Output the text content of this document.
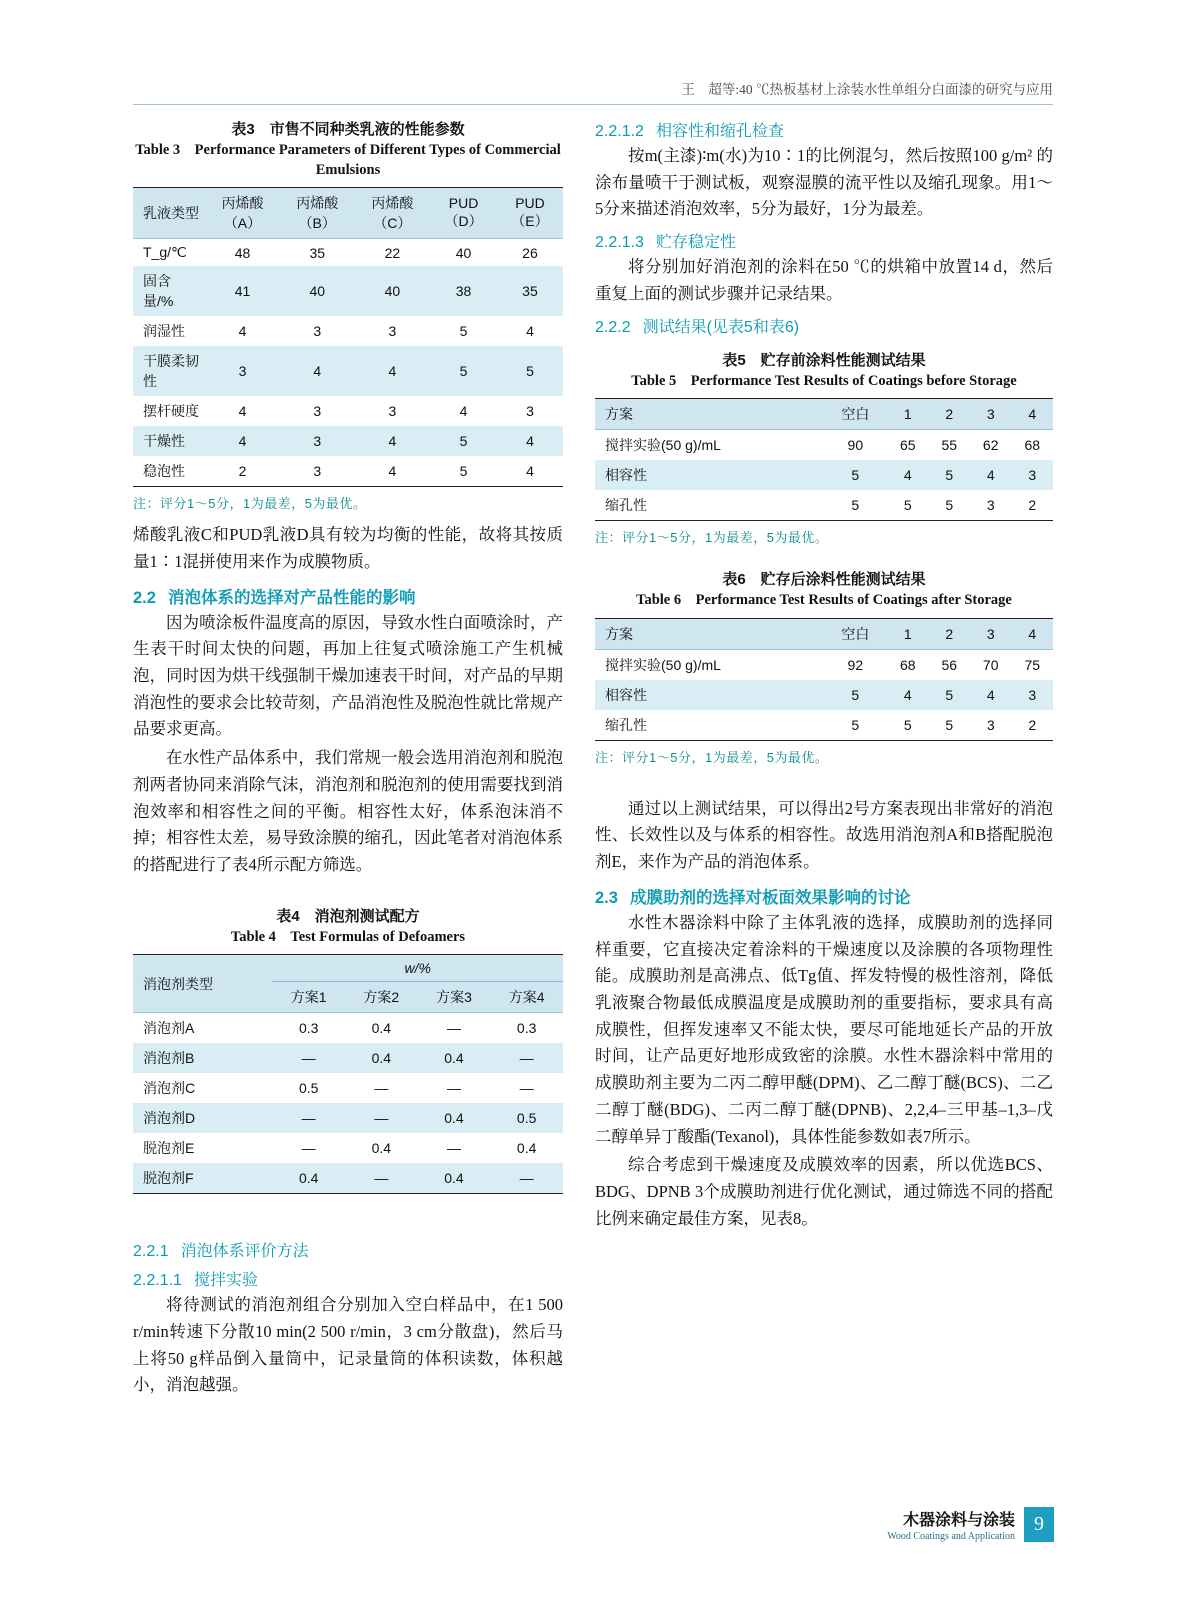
王　超等:40 ℃热板基材上涂装水性单组分白面漆的研究与应用
表3　市售不同种类乳液的性能参数
Table 3　Performance Parameters of Different Types of Commercial Emulsions
乳液类型	丙烯酸（A）	丙烯酸（B）	丙烯酸（C）	PUD（D）	PUD（E）
T_g/℃	48	35	22	40	26
固含量/%	41	40	40	38	35
润湿性	4	3	3	5	4
干膜柔韧性	3	4	4	5	5
摆杆硬度	4	3	3	4	3
干燥性	4	3	4	5	4
稳泡性	2	3	4	5	4
注：评分1～5分，1为最差，5为最优。

烯酸乳液C和PUD乳液D具有较为均衡的性能，故将其按质量1∶1混拼使用来作为成膜物质。

2.2 消泡体系的选择对产品性能的影响

因为喷涂板件温度高的原因，导致水性白面喷涂时，产生表干时间太快的问题，再加上往复式喷涂施工产生机械泡，同时因为烘干线强制干燥加速表干时间，对产品的早期消泡性的要求会比较苛刻，产品消泡性及脱泡性就比常规产品要求更高。

在水性产品体系中，我们常规一般会选用消泡剂和脱泡剂两者协同来消除气沫，消泡剂和脱泡剂的使用需要找到消泡效率和相容性之间的平衡。相容性太好，体系泡沫消不掉；相容性太差，易导致涂膜的缩孔，因此笔者对消泡体系的搭配进行了表4所示配方筛选。

表4　消泡剂测试配方
Table 4　Test Formulas of Defoamers
消泡剂类型	w/%			
	方案1	方案2	方案3	方案4
消泡剂A	0.3	0.4	—	0.3
消泡剂B	—	0.4	0.4	—
消泡剂C	0.5	—	—	—
消泡剂D	—	—	0.4	0.5
脱泡剂E	—	0.4	—	0.4
脱泡剂F	0.4	—	0.4	—
2.2.1 消泡体系评价方法
2.2.1.1 搅拌实验

将待测试的消泡剂组合分别加入空白样品中，在1 500 r/min转速下分散10 min(2 500 r/min，3 cm分散盘)，然后马上将50 g样品倒入量筒中，记录量筒的体积读数，体积越小，消泡越强。

2.2.1.2 相容性和缩孔检查

按m(主漆)∶m(水)为10∶1的比例混匀，然后按照100 g/m² 的涂布量喷干于测试板，观察湿膜的流平性以及缩孔现象。用1～5分来描述消泡效率，5分为最好，1分为最差。

2.2.1.3 贮存稳定性

将分别加好消泡剂的涂料在50 ℃的烘箱中放置14 d，然后重复上面的测试步骤并记录结果。

2.2.2 测试结果(见表5和表6)
表5　贮存前涂料性能测试结果
Table 5　Performance Test Results of Coatings before Storage
方案	空白	1	2	3	4
搅拌实验(50 g)/mL	90	65	55	62	68
相容性	5	4	5	4	3
缩孔性	5	5	5	3	2
注：评分1～5分，1为最差，5为最优。
表6　贮存后涂料性能测试结果
Table 6　Performance Test Results of Coatings after Storage
方案	空白	1	2	3	4
搅拌实验(50 g)/mL	92	68	56	70	75
相容性	5	4	5	4	3
缩孔性	5	5	5	3	2
注：评分1～5分，1为最差，5为最优。

通过以上测试结果，可以得出2号方案表现出非常好的消泡性、长效性以及与体系的相容性。故选用消泡剂A和B搭配脱泡剂E，来作为产品的消泡体系。

2.3 成膜助剂的选择对板面效果影响的讨论

水性木器涂料中除了主体乳液的选择，成膜助剂的选择同样重要，它直接决定着涂料的干燥速度以及涂膜的各项物理性能。成膜助剂是高沸点、低Tg值、挥发特慢的极性溶剂，降低乳液聚合物最低成膜温度是成膜助剂的重要指标，要求具有高成膜性，但挥发速率又不能太快，要尽可能地延长产品的开放时间，让产品更好地形成致密的涂膜。水性木器涂料中常用的成膜助剂主要为二丙二醇甲醚(DPM)、乙二醇丁醚(BCS)、二乙二醇丁醚(BDG)、二丙二醇丁醚(DPNB)、2,2,4–三甲基–1,3–戊二醇单异丁酸酯(Texanol)，具体性能参数如表7所示。

综合考虑到干燥速度及成膜效率的因素，所以优选BCS、BDG、DPNB 3个成膜助剂进行优化测试，通过筛选不同的搭配比例来确定最佳方案，见表8。

木器涂料与涂装
Wood Coatings and Application
9
